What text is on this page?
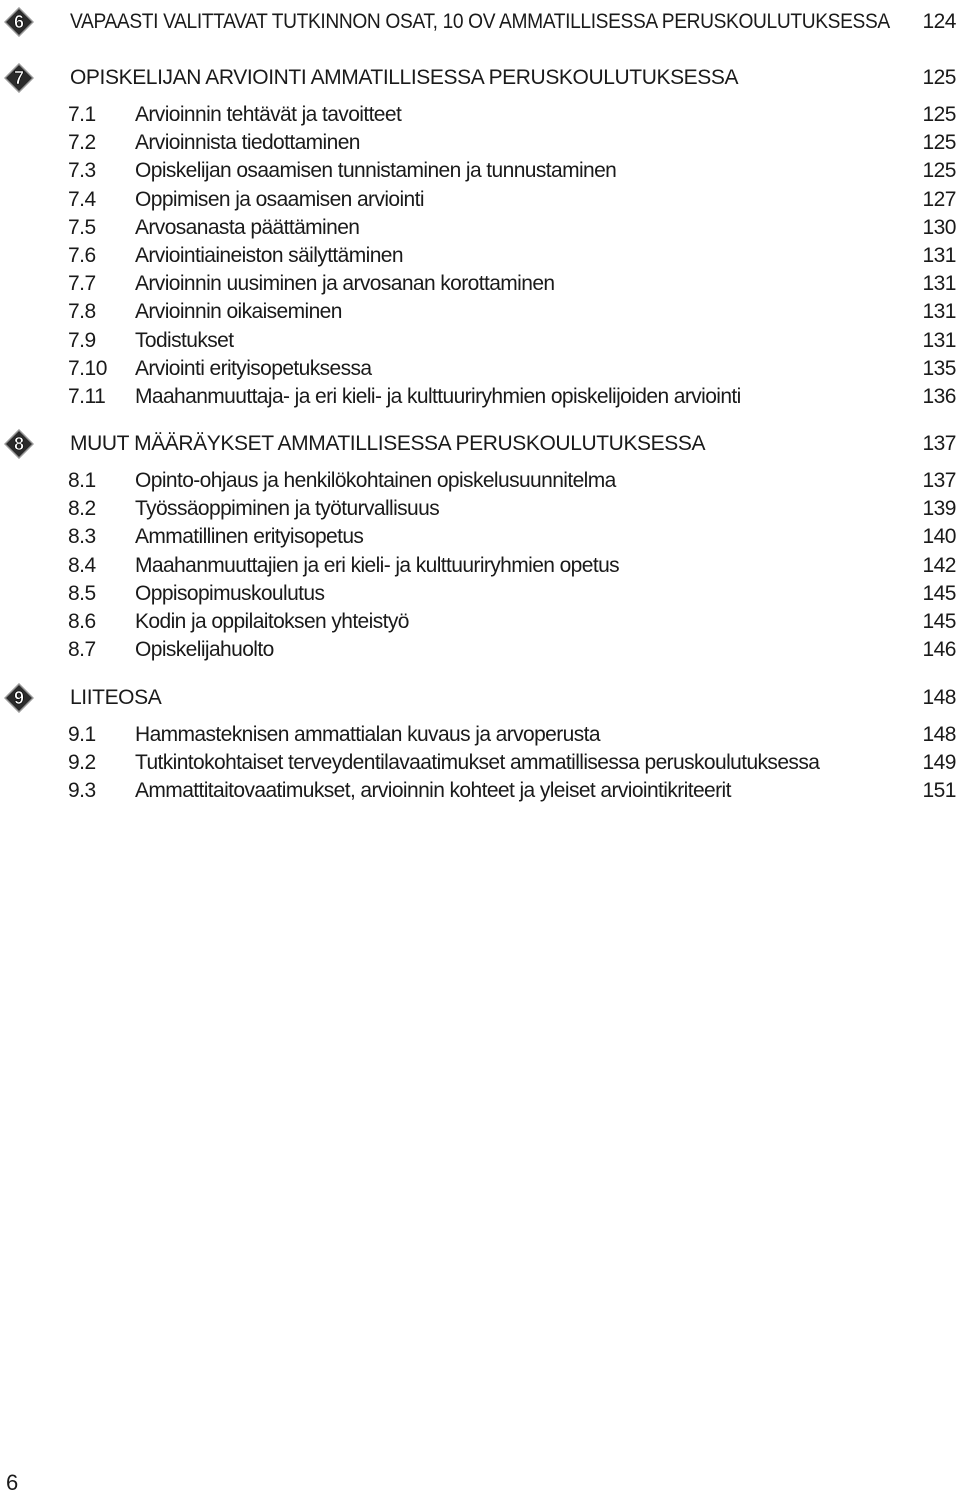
6 VAPAASTI VALITTAVAT TUTKINNON OSAT, 10 OV AMMATILLISESSA PERUSKOULUTUKSESSA 124
7 OPISKELIJAN ARVIOINTI AMMATILLISESSA PERUSKOULUTUKSESSA	125
7.1 Arvioinnin tehtävät ja tavoitteet	125
7.2 Arvioinnista tiedottaminen	125
7.3 Opiskelijan osaamisen tunnistaminen ja tunnustaminen	125
7.4 Oppimisen ja osaamisen arviointi	127
7.5 Arvosanasta päättäminen	130
7.6 Arviointiaineiston säilyttäminen	131
7.7 Arvioinnin uusiminen ja arvosanan korottaminen	131
7.8 Arvioinnin oikaiseminen	131
7.9 Todistukset	131
7.10 Arviointi erityisopetuksessa	135
7.11 Maahanmuuttaja- ja eri kieli- ja kulttuuriryhmien opiskelijoiden arviointi	136
8 MUUT MÄÄRÄYKSET AMMATILLISESSA PERUSKOULUTUKSESSA	137
8.1 Opinto-ohjaus ja henkilökohtainen opiskelusuunnitelma	137
8.2 Työssäoppiminen ja työturvallisuus	139
8.3 Ammatillinen erityisopetus	140
8.4 Maahanmuuttajien ja eri kieli- ja kulttuuriryhmien opetus	142
8.5 Oppisopimuskoulutus	145
8.6 Kodin ja oppilaitoksen yhteistyö	145
8.7 Opiskelijahuolto	146
9 LIITEOSA	148
9.1 Hammasteknisen ammattialan kuvaus ja arvoperusta	148
9.2 Tutkintokohtaiset terveydentilavaatimukset ammatillisessa peruskoulutuksessa	149
9.3 Ammattitaitovaatimukset, arvioinnin kohteet ja yleiset arviointikriteerit	151
6
